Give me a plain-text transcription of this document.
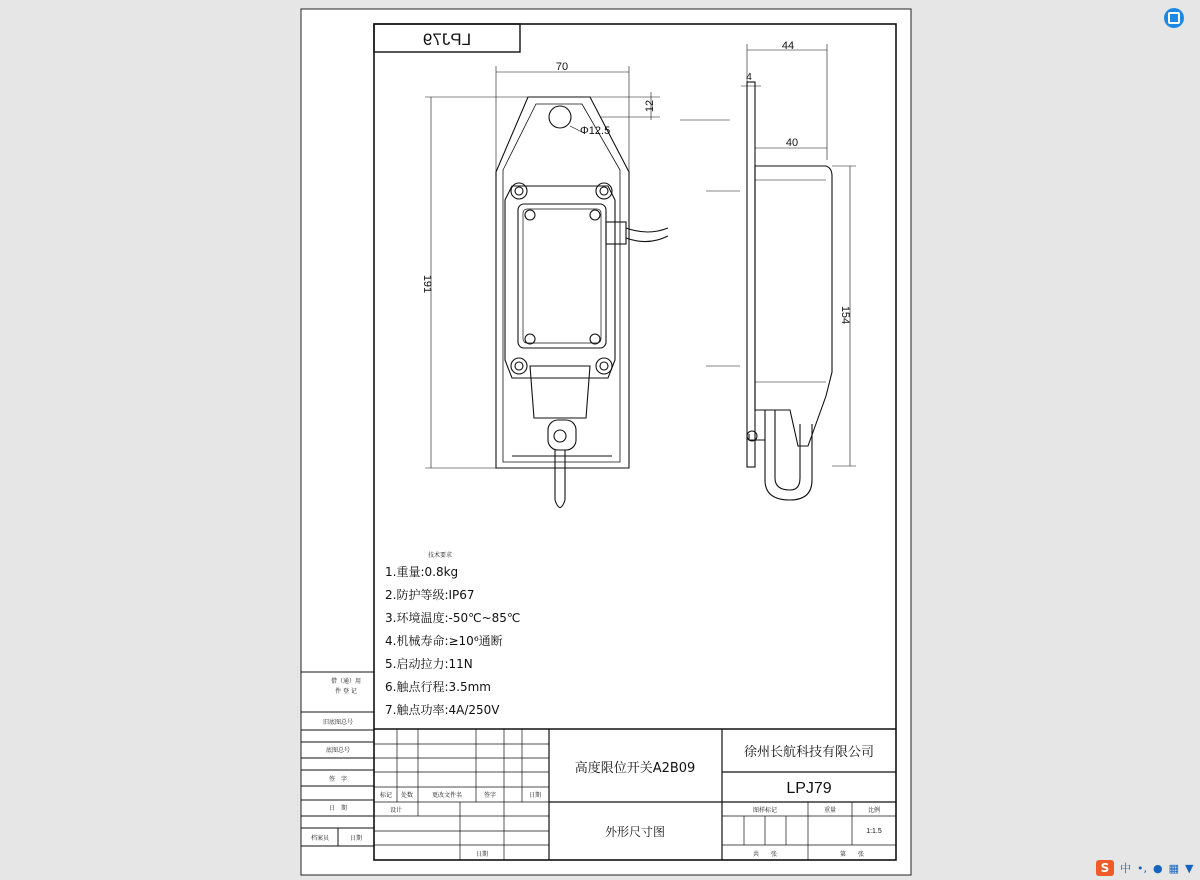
LPJ79
70
12
Φ12.5
191
44
4
40
154
技术要求
1.重量:0.8kg
2.防护等级:IP67
3.环境温度:-50℃~85℃
4.机械寿命:≥10⁶通断
5.启动拉力:11N
6.触点行程:3.5mm
7.触点功率:4A/250V
借（通）用
件 登 记
旧底图总号
底图总号
签　字
日　期
档案员	日期
标记 处数	更改文件名	签字	日期
设计
日期
高度限位开关A2B09
徐州长航科技有限公司
LPJ79
外形尺寸图
图样标记	重量	比例
1:1.5
共　　张	第　　张
S 中 •, ● ▦ ▼
